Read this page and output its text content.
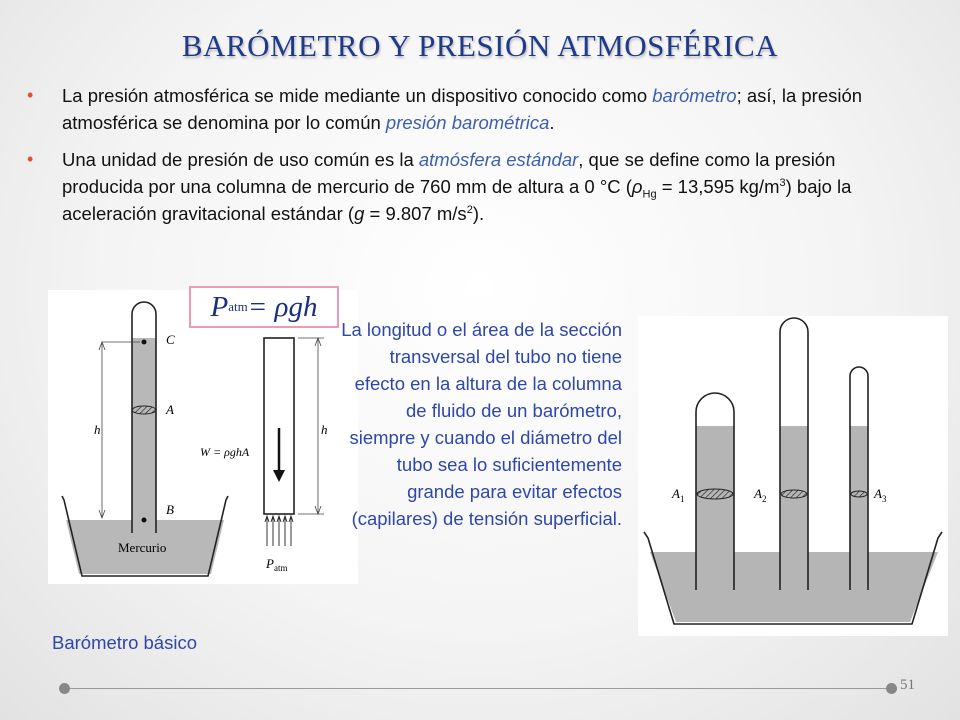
BARÓMETRO Y PRESIÓN ATMOSFÉRICA
• La presión atmosférica se mide mediante un dispositivo conocido como barómetro; así, la presión atmosférica se denomina por lo común presión barométrica.
• Una unidad de presión de uso común es la atmósfera estándar, que se define como la presión producida por una columna de mercurio de 760 mm de altura a 0 °C ($\rho_{Hg} = 13,595$ $kg/m^3$) bajo la aceleración gravitacional estándar (g = 9.807 $m/s^2$).
C
A
B
h
Mercurio
W = ρghA
h
$P_{atm}$
P atm = ρgh

La longitud o el área de la sección transversal del tubo no tiene efecto en la altura de la columna de fluido de un barómetro, siempre y cuando el diámetro del tubo sea lo suficientemente grande para evitar efectos (capilares) de tensión superficial.

$A_1$	$A_2$	$A_3$
Barómetro básico
51
